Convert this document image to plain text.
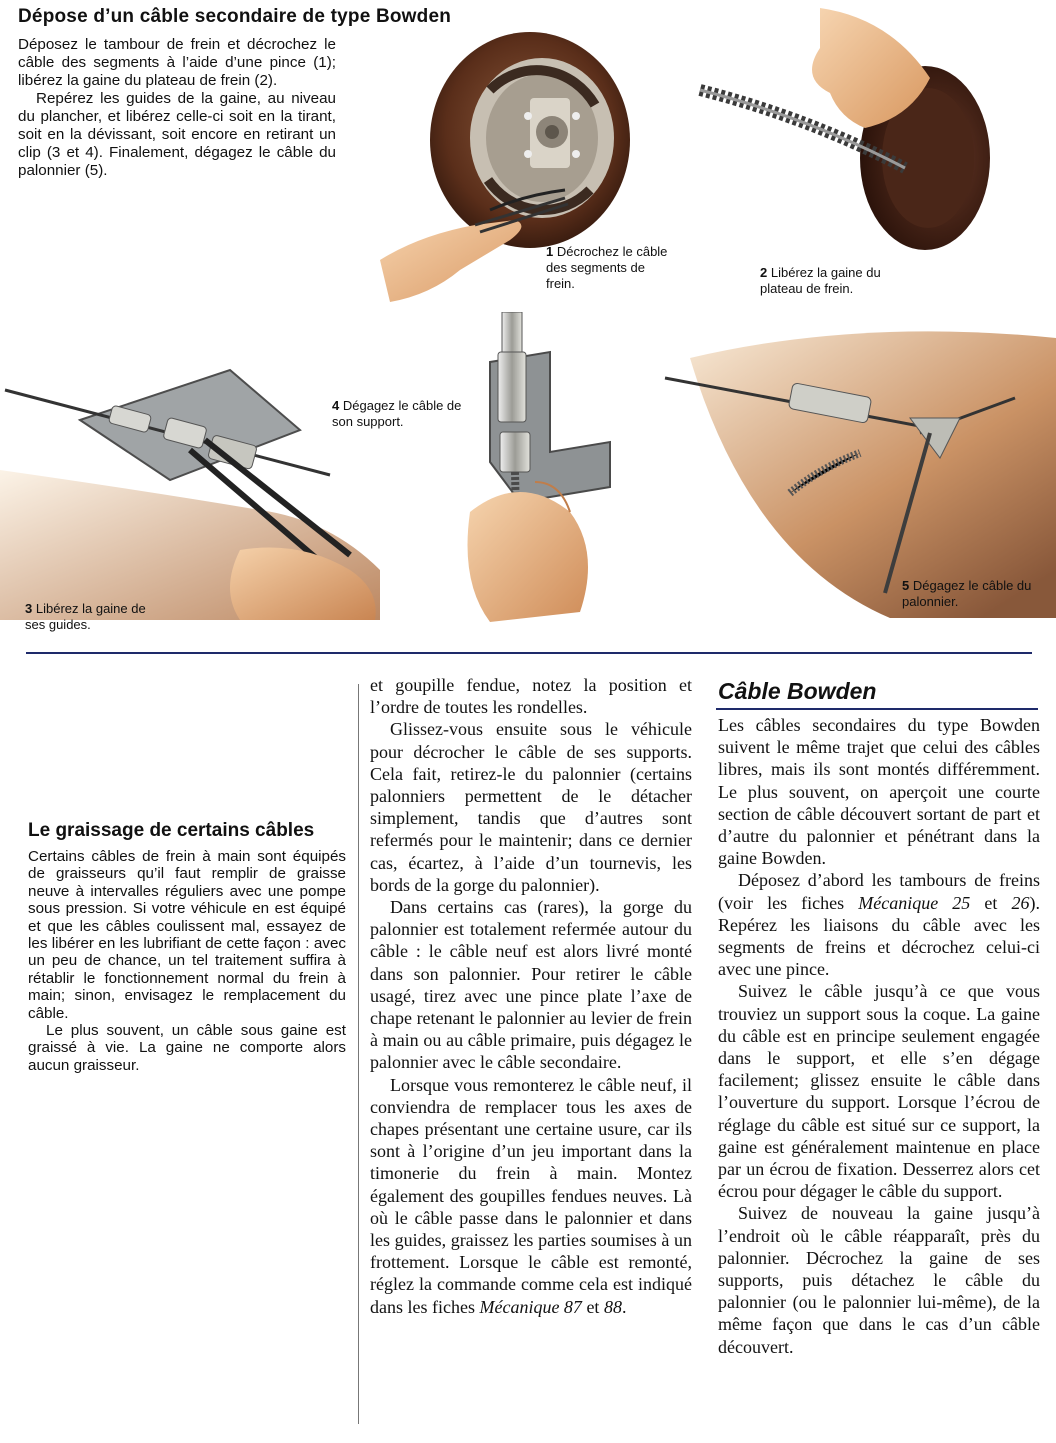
Dépose d’un câble secondaire de type Bowden

Déposez le tambour de frein et décrochez le câble des segments à l’aide d’une pince (1); libérez la gaine du plateau de frein (2).

Repérez les guides de la gaine, au niveau du plancher, et libérez celle-ci soit en la tirant, soit en la dévissant, soit encore en retirant un clip (3 et 4). Finalement, dégagez le câble du palonnier (5).

1 Décrochez le câble des segments de frein.
2 Libérez la gaine du plateau de frein.
3 Libérez la gaine de ses guides.
4 Dégagez le câble de son support.
5 Dégagez le câble du palonnier.
Le graissage de certains câbles

Certains câbles de frein à main sont équipés de graisseurs qu’il faut remplir de graisse neuve à intervalles réguliers avec une pompe sous pression. Si votre véhicule en est équipé et que les câbles coulissent mal, essayez de les libérer en les lubrifiant de cette façon : avec un peu de chance, un tel traitement suffira à rétablir le fonctionnement normal du frein à main; sinon, envisagez le remplacement du câble.

Le plus souvent, un câble sous gaine est graissé à vie. La gaine ne comporte alors aucun graisseur.

et goupille fendue, notez la position et l’ordre de toutes les rondelles.

Glissez-vous ensuite sous le véhicule pour décrocher le câble de ses supports. Cela fait, retirez-le du palonnier (certains palonniers permettent de le détacher simplement, tandis que d’autres sont refermés pour le maintenir; dans ce dernier cas, écartez, à l’aide d’un tournevis, les bords de la gorge du palonnier).

Dans certains cas (rares), la gorge du palonnier est totalement refermée autour du câble : le câble neuf est alors livré monté dans son palonnier. Pour retirer le câble usagé, tirez avec une pince plate l’axe de chape retenant le palonnier au levier de frein à main ou au câble primaire, puis dégagez le palonnier avec le câble secondaire.

Lorsque vous remonterez le câble neuf, il conviendra de remplacer tous les axes de chapes présentant une certaine usure, car ils sont à l’origine d’un jeu important dans la timonerie du frein à main. Montez également des goupilles fendues neuves. Là où le câble passe dans le palonnier et dans les guides, graissez les parties soumises à un frottement. Lorsque le câble est remonté, réglez la commande comme cela est indiqué dans les fiches Mécanique 87 et 88.

Câble Bowden

Les câbles secondaires du type Bowden suivent le même trajet que celui des câbles libres, mais ils sont montés différemment. Le plus souvent, on aperçoit une courte section de câble découvert sortant de part et d’autre du palonnier et pénétrant dans la gaine Bowden.

Déposez d’abord les tambours de freins (voir les fiches Mécanique 25 et 26). Repérez les liaisons du câble avec les segments de freins et décrochez celui-ci avec une pince.

Suivez le câble jusqu’à ce que vous trouviez un support sous la coque. La gaine du câble est en principe seulement engagée dans le support, et elle s’en dégage facilement; glissez ensuite le câble dans l’ouverture du support. Lorsque l’écrou de réglage du câble est situé sur ce support, la gaine est généralement maintenue en place par un écrou de fixation. Desserrez alors cet écrou pour dégager le câble du support.

Suivez de nouveau la gaine jusqu’à l’endroit où le câble réapparaît, près du palonnier. Décrochez la gaine de ses supports, puis détachez le câble du palonnier (ou le palonnier lui-même), de la même façon que dans le cas d’un câble découvert.
